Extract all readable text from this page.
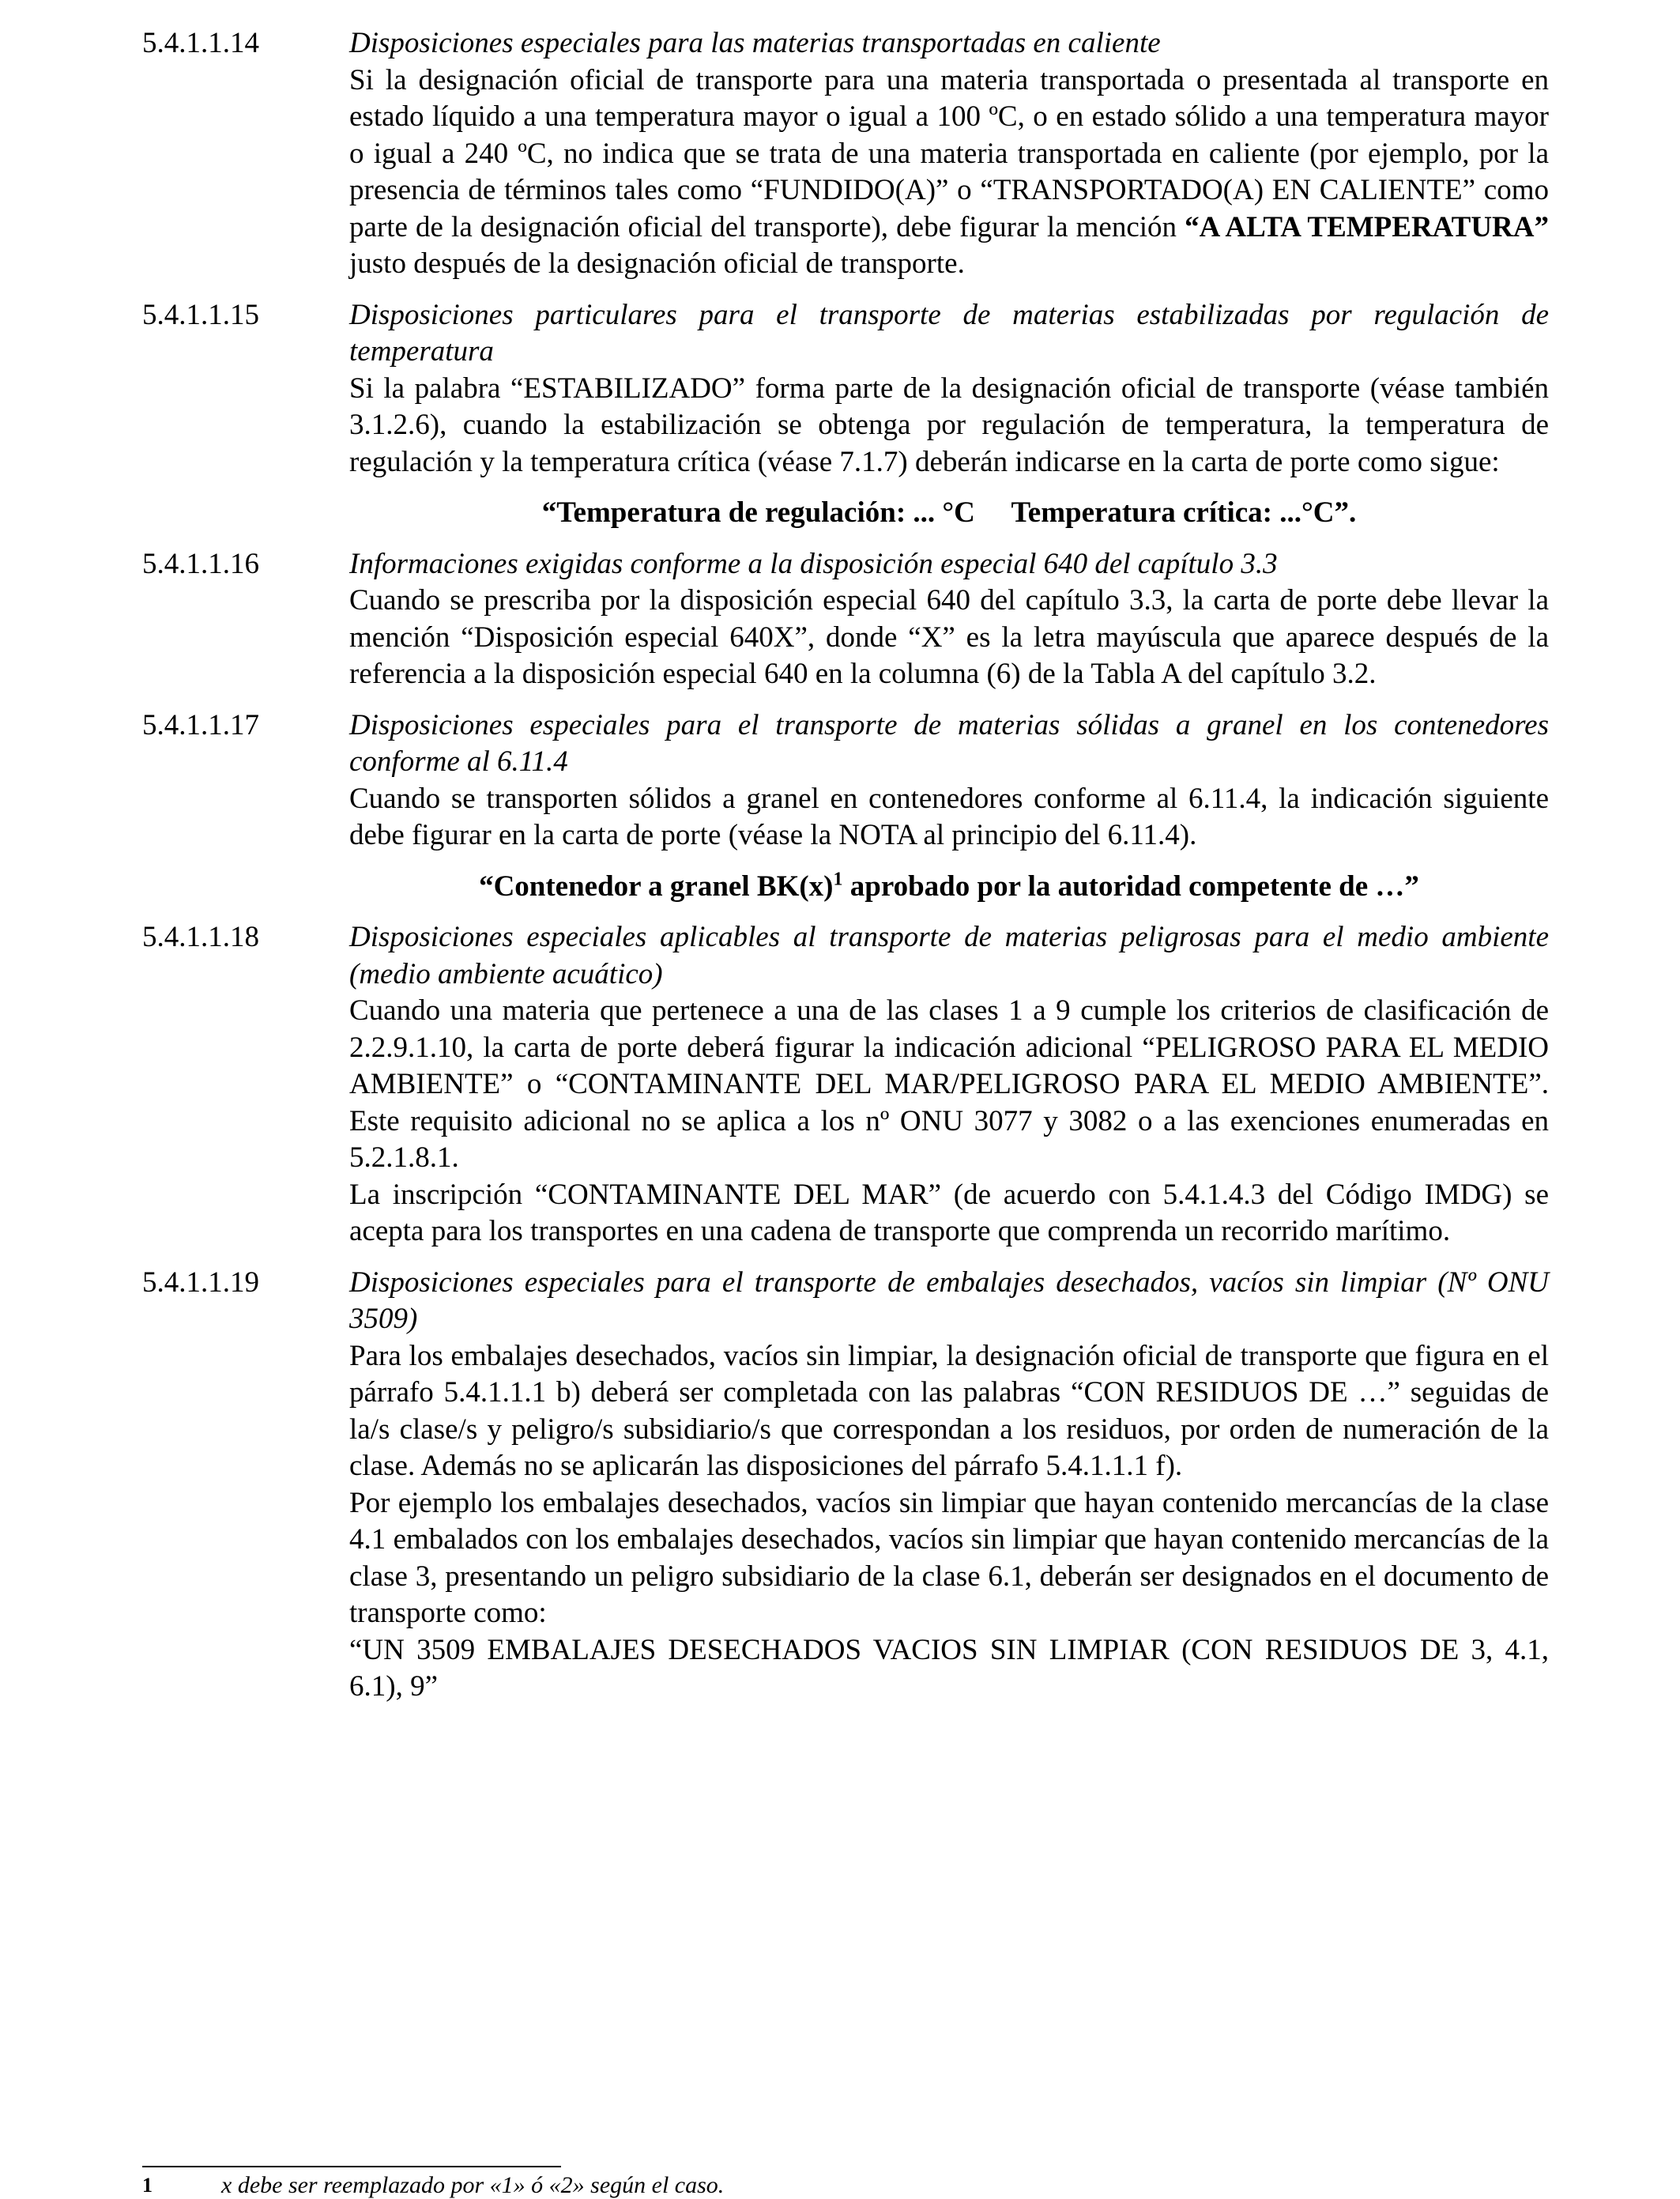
5.4.1.1.14	Disposiciones especiales para las materias transportadas en caliente

Si la designación oficial de transporte para una materia transportada o presentada al transporte en estado líquido a una temperatura mayor o igual a 100 ºC, o en estado sólido a una temperatura mayor o igual a 240 ºC, no indica que se trata de una materia transportada en caliente (por ejemplo, por la presencia de términos tales como “FUNDIDO(A)” o “TRANSPORTADO(A) EN CALIENTE” como parte de la designación oficial del transporte), debe figurar la mención “A ALTA TEMPERATURA” justo después de la designación oficial de transporte.

5.4.1.1.15	Disposiciones particulares para el transporte de materias estabilizadas por regulación de temperatura

Si la palabra “ESTABILIZADO” forma parte de la designación oficial de transporte (véase también 3.1.2.6), cuando la estabilización se obtenga por regulación de temperatura, la temperatura de regulación y la temperatura crítica (véase 7.1.7) deberán indicarse en la carta de porte como sigue:

“Temperatura de regulación: ... °C     Temperatura crítica: ...°C”.
5.4.1.1.16	Informaciones exigidas conforme a la disposición especial 640 del capítulo 3.3

Cuando se prescriba por la disposición especial 640 del capítulo 3.3, la carta de porte debe llevar la mención “Disposición especial 640X”, donde “X” es la letra mayúscula que aparece después de la referencia a la disposición especial 640 en la columna (6) de la Tabla A del capítulo 3.2.

5.4.1.1.17	Disposiciones especiales para el transporte de materias sólidas a granel en los contenedores conforme al 6.11.4

Cuando se transporten sólidos a granel en contenedores conforme al 6.11.4, la indicación siguiente debe figurar en la carta de porte (véase la NOTA al principio del 6.11.4).

“Contenedor a granel $BK(x)^1$ aprobado por la autoridad competente de …”
5.4.1.1.18	Disposiciones especiales aplicables al transporte de materias peligrosas para el medio ambiente (medio ambiente acuático)

Cuando una materia que pertenece a una de las clases 1 a 9 cumple los criterios de clasificación de 2.2.9.1.10, la carta de porte deberá figurar la indicación adicional “PELIGROSO PARA EL MEDIO AMBIENTE” o “CONTAMINANTE DEL MAR/PELIGROSO PARA EL MEDIO AMBIENTE”. Este requisito adicional no se aplica a los nº ONU 3077 y 3082 o a las exenciones enumeradas en 5.2.1.8.1.

La inscripción “CONTAMINANTE DEL MAR” (de acuerdo con 5.4.1.4.3 del Código IMDG) se acepta para los transportes en una cadena de transporte que comprenda un recorrido marítimo.

5.4.1.1.19	Disposiciones especiales para el transporte de embalajes desechados, vacíos sin limpiar (Nº ONU 3509)

Para los embalajes desechados, vacíos sin limpiar, la designación oficial de transporte que figura en el párrafo 5.4.1.1.1 b) deberá ser completada con las palabras “CON RESIDUOS DE …” seguidas de la/s clase/s y peligro/s subsidiario/s que correspondan a los residuos, por orden de numeración de la clase. Además no se aplicarán las disposiciones del párrafo 5.4.1.1.1 f).

Por ejemplo los embalajes desechados, vacíos sin limpiar que hayan contenido mercancías de la clase 4.1 embalados con los embalajes desechados, vacíos sin limpiar que hayan contenido mercancías de la clase 3, presentando un peligro subsidiario de la clase 6.1, deberán ser designados en el documento de transporte como:

“UN 3509 EMBALAJES DESECHADOS VACIOS SIN LIMPIAR (CON RESIDUOS DE 3, 4.1, 6.1), 9”

1	x debe ser reemplazado por «1» ó «2» según el caso.
